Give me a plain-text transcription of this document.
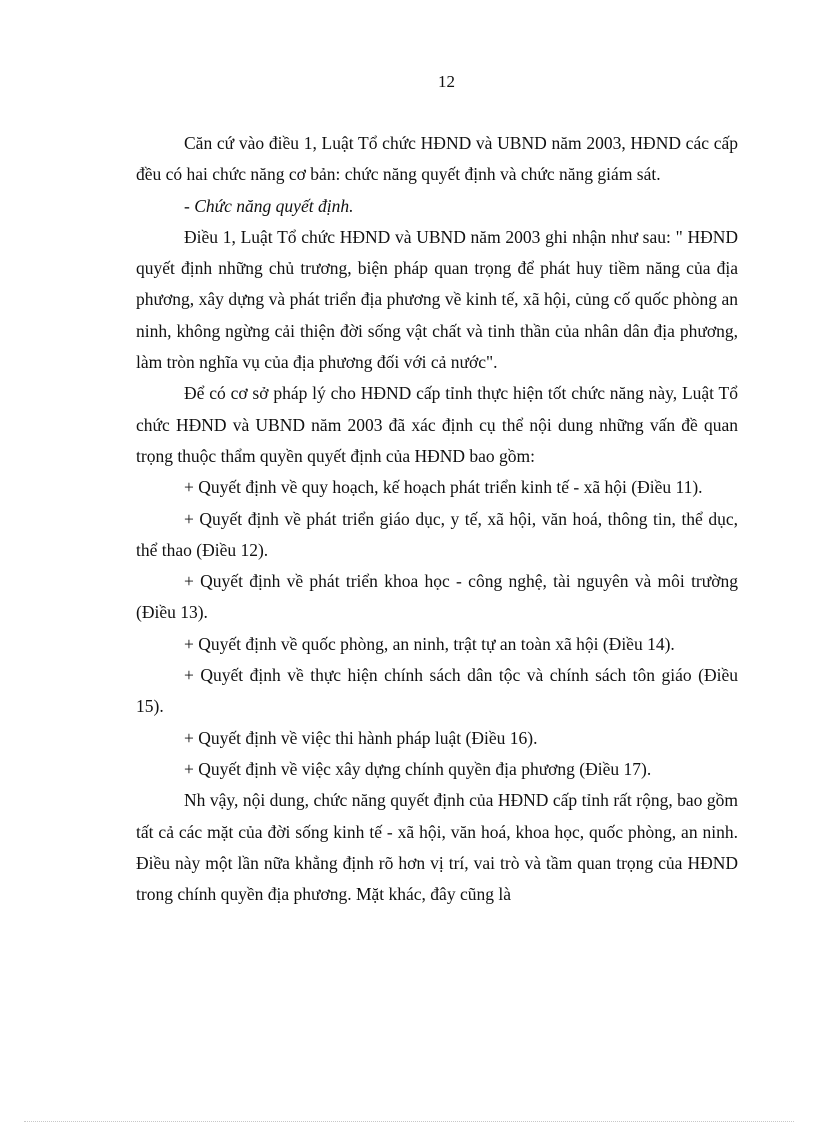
12

Căn cứ vào điều 1, Luật Tổ chức HĐND và UBND năm 2003, HĐND các cấp đều có hai chức năng cơ bản: chức năng quyết định và chức năng giám sát.

- Chức năng quyết định.

Điều 1, Luật Tổ chức HĐND và UBND năm 2003 ghi nhận như sau: " HĐND quyết định những chủ trương, biện pháp quan trọng để phát huy tiềm năng của địa phương, xây dựng và phát triển địa phương về kinh tế, xã hội, củng cố quốc phòng an ninh, không ngừng cải thiện đời sống vật chất và tinh thần của nhân dân địa phương, làm tròn nghĩa vụ của địa phương đối với cả nước".

Để có cơ sở pháp lý cho HĐND cấp tỉnh thực hiện tốt chức năng này, Luật Tổ chức HĐND và UBND năm 2003 đã xác định cụ thể nội dung những vấn đề quan trọng thuộc thẩm quyền quyết định của HĐND bao gồm:

+ Quyết định về quy hoạch, kế hoạch phát triển kinh tế - xã hội (Điều 11).

+ Quyết định về phát triển giáo dục, y tế, xã hội, văn hoá, thông tin, thể dục, thể thao (Điều 12).

+ Quyết định về phát triển khoa học - công nghệ, tài nguyên và môi trường (Điều 13).

+ Quyết định về quốc phòng, an ninh, trật tự an toàn xã hội (Điều 14).

+ Quyết định về thực hiện chính sách dân tộc và chính sách tôn giáo (Điều 15).

+ Quyết định về việc thi hành pháp luật (Điều 16).

+ Quyết định về việc xây dựng chính quyền địa phương (Điều 17).

Nh vậy, nội dung, chức năng quyết định của HĐND cấp tỉnh rất rộng, bao gồm tất cả các mặt của đời sống kinh tế - xã hội, văn hoá, khoa học, quốc phòng, an ninh. Điều này một lần nữa khẳng định rõ hơn vị trí, vai trò và tầm quan trọng của HĐND trong chính quyền địa phương. Mặt khác, đây cũng là
